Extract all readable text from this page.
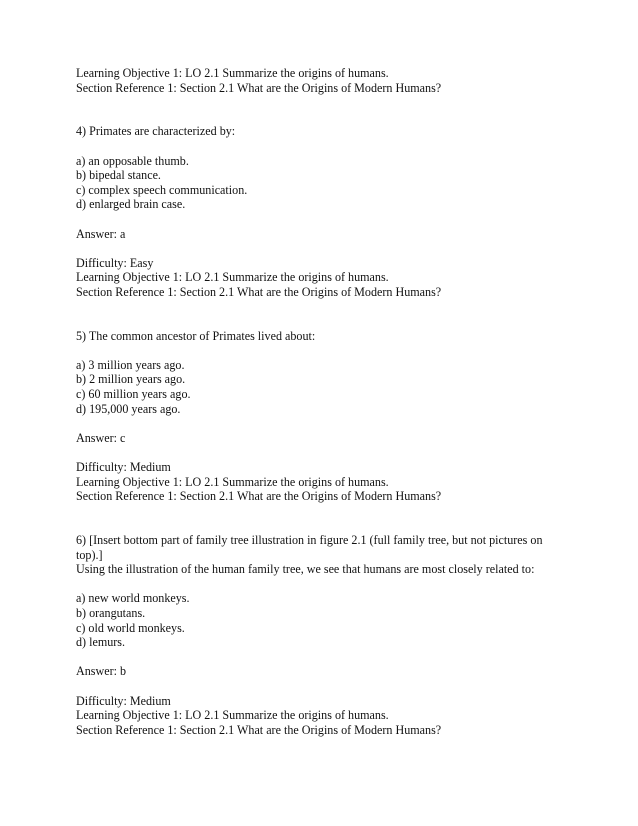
Learning Objective 1: LO 2.1 Summarize the origins of humans.
Section Reference 1: Section 2.1 What are the Origins of Modern Humans?
4) Primates are characterized by:
a) an opposable thumb.
b) bipedal stance.
c) complex speech communication.
d) enlarged brain case.
Answer: a
Difficulty: Easy
Learning Objective 1: LO 2.1 Summarize the origins of humans.
Section Reference 1: Section 2.1 What are the Origins of Modern Humans?
5) The common ancestor of Primates lived about:
a) 3 million years ago.
b) 2 million years ago.
c) 60 million years ago.
d) 195,000 years ago.
Answer: c
Difficulty: Medium
Learning Objective 1: LO 2.1 Summarize the origins of humans.
Section Reference 1: Section 2.1 What are the Origins of Modern Humans?
6) [Insert bottom part of family tree illustration in figure 2.1 (full family tree, but not pictures on top).]
Using the illustration of the human family tree, we see that humans are most closely related to:
a) new world monkeys.
b) orangutans.
c) old world monkeys.
d) lemurs.
Answer: b
Difficulty: Medium
Learning Objective 1: LO 2.1 Summarize the origins of humans.
Section Reference 1: Section 2.1 What are the Origins of Modern Humans?
